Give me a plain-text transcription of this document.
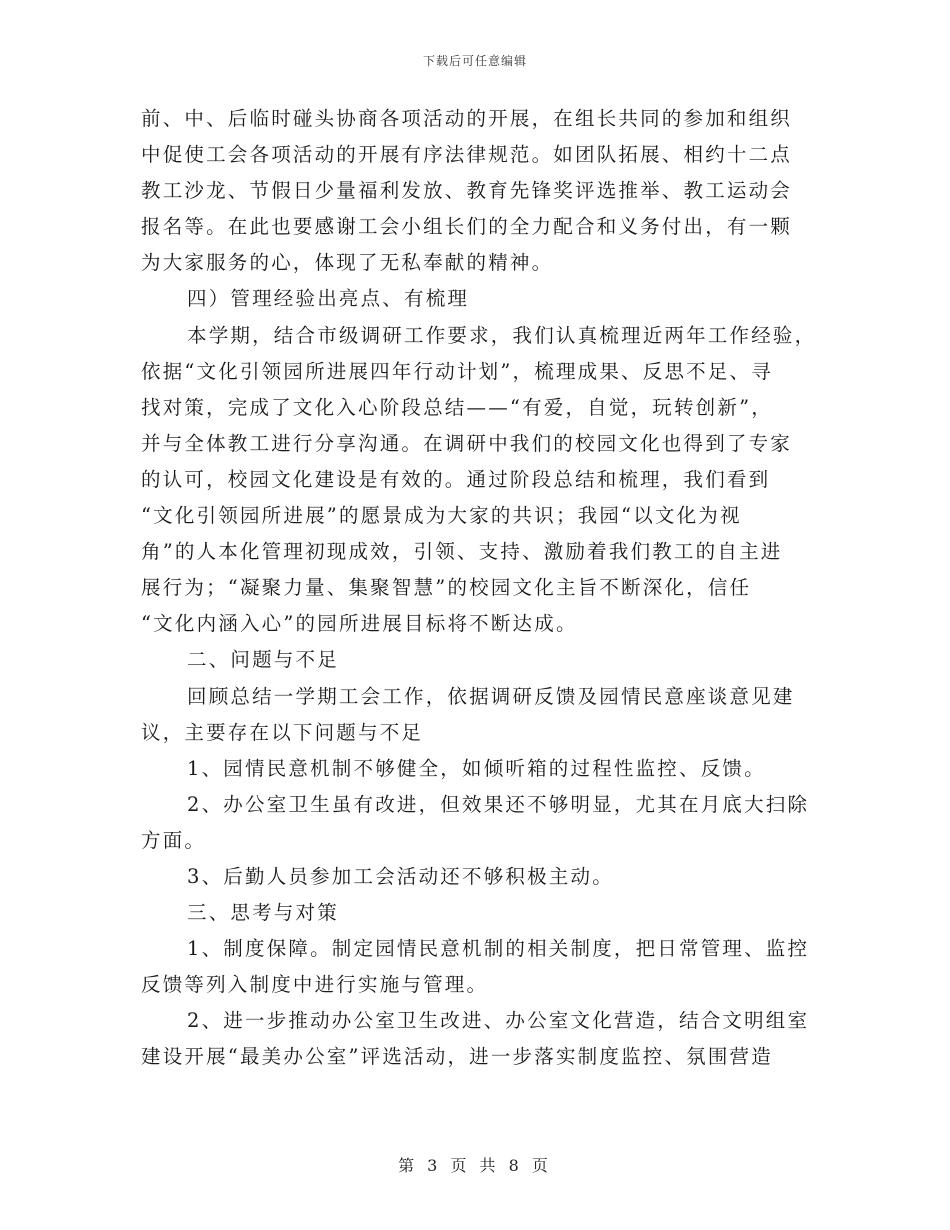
下载后可任意编辑
前、中、后临时碰头协商各项活动的开展，在组长共同的参加和组织
中促使工会各项活动的开展有序法律规范。如团队拓展、相约十二点
教工沙龙、节假日少量福利发放、教育先锋奖评选推举、教工运动会
报名等。在此也要感谢工会小组长们的全力配合和义务付出，有一颗
为大家服务的心，体现了无私奉献的精神。
四）管理经验出亮点、有梳理
本学期，结合市级调研工作要求，我们认真梳理近两年工作经验，
依据“文化引领园所进展四年行动计划”，梳理成果、反思不足、寻
找对策，完成了文化入心阶段总结——“有爱，自觉，玩转创新”，
并与全体教工进行分享沟通。在调研中我们的校园文化也得到了专家
的认可，校园文化建设是有效的。通过阶段总结和梳理，我们看到
“文化引领园所进展”的愿景成为大家的共识；我园“以文化为视
角”的人本化管理初现成效，引领、支持、激励着我们教工的自主进
展行为；“凝聚力量、集聚智慧”的校园文化主旨不断深化，信任
“文化内涵入心”的园所进展目标将不断达成。
二、问题与不足
回顾总结一学期工会工作，依据调研反馈及园情民意座谈意见建
议，主要存在以下问题与不足
1、园情民意机制不够健全，如倾听箱的过程性监控、反馈。
2、办公室卫生虽有改进，但效果还不够明显，尤其在月底大扫除
方面。
3、后勤人员参加工会活动还不够积极主动。
三、思考与对策
1、制度保障。制定园情民意机制的相关制度，把日常管理、监控
反馈等列入制度中进行实施与管理。
2、进一步推动办公室卫生改进、办公室文化营造，结合文明组室
建设开展“最美办公室”评选活动，进一步落实制度监控、氛围营造
第 3 页 共 8 页
